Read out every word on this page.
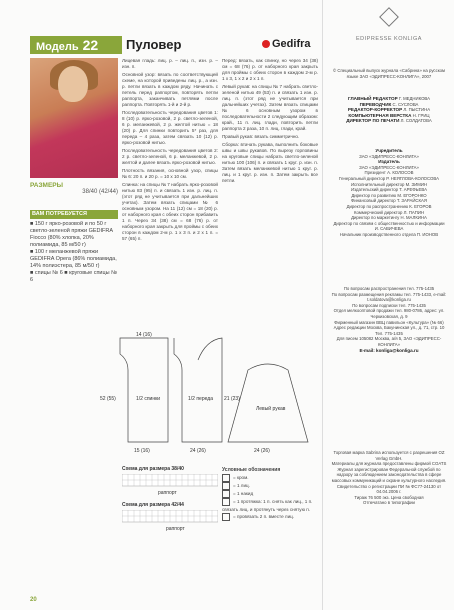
Модель 22	Пуловер	Gedifra
РАЗМЕРЫ
38/40 (42/44)
ВАМ ПОТРЕБУЕТСЯ
■ 150 г ярко-розовой и по 50 г светло-зеленой пряжи GEDIFRA Fiocco (80% хлопка, 20% полиамида, 85 м/50 г)
■ 100 г меланжевой пряжи GEDIFRA Opera (86% полиамида, 14% полиэстера, 85 м/50 г)
■ спицы № 6 ■ круговые спицы № 6

Лицевая гладь: лиц. р. – лиц. п., изн. р. – изн. п.

Основной узор: вязать по соответствующей схеме, на которой приведены лиц. р., а изн. р. петли вязать в каждом ряду. Начинать с петель перед раппортом, повторять петли раппорта, заканчивать петлями после раппорта. Повторять 1-й и 2-й р.

Последовательность чередования цветов 1: 8 (10) р. ярко-розовой, 2 р. светло-зеленой, 6 р. меланжевой, 2 р. желтой нитью = 18 (20) р. Для спинки повторить 5* раз, для переда – 4 раза, затем связать 10 (12) р. ярко-розовой нитью.

Последовательность чередования цветов 2: 2 р. светло-зеленой, 6 р. меланжевой, 2 р. желтой и далее вязать ярко-розовой нитью.

Плотность вязания, основной узор, спицы № 6: 20 п. и 20 р. = 10 х 10 см.

Спинка: на спицы № 7 набрать ярко-розовой нитью 83 (95) п. и связать 1 изн. р. лиц. п. (этот ряд не учитывается при дальнейших учетах). Затем вязать спицами № 6 основным узором. На 11 (12) см = 18 (20) р. от наборного края с обеих сторон прибавить 1 п. Через 34 (38) см = 68 (76) р. от наборного края закрыть для проймы с обеих сторон в каждом 2-м р. 1 х 3 п. и 2 х 1 п. = 57 (65) п.

Перед: вязать, как спинку, но через 34 (38) см = 68 (76) р. от наборного края закрыть для проймы с обеих сторон в каждом 2-м р. 1 х 3, 1 х 2 и 2 х 1 п.

Левый рукав: на спицы № 7 набрать светло-зеленой нитью 49 (53) п. и связать 1 изн. р. лиц. п. (этот ряд не учитывается при дальнейших учетах). Затем вязать спицами № 6 основным узором в последовательности 2 следующим образом: край., 11 п. лиц. глади, повторить петли раппорта 2 раза, 10 п. лиц. глади, край.

Правый рукав: вязать симметрично.

Сборка: втачать рукава, выполнить боковые швы и швы рукавов. По вырезу горловины на круговые спицы набрать светло-зеленой нитью 100 (106) п. и связать 1 круг. р. изн. п. Затем вязать меланжевой нитью 1 круг. р. лиц. и 1 круг. р. изн. п. Затем закрыть все петли.

14 (16)
15 (16)	24 (26)	24 (26)
52 (55)	21 (23)
1/2 спинки	1/2 переда
Левый рукав
Схема для размера 38/40
раппорт
Схема для размера 42/44
раппорт
Условные обозначения
= кром.
= 1 лиц.
= 1 накид
= 1 протяжка: 1 п. снять как лиц., 1 п. связать лиц. и протянуть через снятую п.
= провязать 2 п. вместе лиц.
20
EDIPRESSE KONLIGA
© Специальный выпуск журнала «Сабрина» на русском языке ЗАО «ЭДИПРЕСС-КОНЛИГА», 2007
ГЛАВНЫЙ РЕДАКТОР Г. МЕДНИКОВА
ПЕРЕВОДЧИК С. СУСЛОВА
РЕДАКТОР-КОРРЕКТОР Л. ПЫСТИНА
КОМПЬЮТЕРНАЯ ВЕРСТКА Н. ГРИЦ
ДИРЕКТОР ПО ПЕЧАТИ Л. СОЛДАТОВА
Учредитель
ЗАО «ЭДИПРЕСС-КОНЛИГА»
Издатель
ЗАО «ЭДИПРЕСС-КОНЛИГА»
Президент А. КОЛОСОВ
Генеральный директор Р. НЕЯГЛОВА-КОЛОСОВА
Исполнительный директор М. ЗИМИН
Издательский директор Т. АРЕФЬЕВА
Директор по развитию М. ЕГОРОНКО
Финансовый директор Т. ЗАРАЙСКАЯ
Директор по распространению К. ЕГОРОВ
Коммерческий директор Л. ПАПИН
Директор по маркетингу Н. МАЛКИНА
Директор по связям с общественностью и информации И. САВИЧЕВА
Начальник производственного отдела П. ИОНОВ
По вопросам распространения тел. 775-1435
По вопросам размещения рекламы тел. 775-1433, e-mail: t.soldatova@konliga.ru
По вопросам подписки тел. 775-1435
Отдел мелкооптовой продажи тел. 980-0786, адрес: ул. Черкизовская, д. 9
Фирменный магазин ВВЦ павильон «Культура» (№ 66)
Адрес редакции Москва, Бакунинская ул., д. 71, стр. 10
Тел. 775-1435
Для писем 105082 Москва, а/я 5, ЗАО «ЭДИПРЕСС-КОНЛИГА»
E-mail: konliga@konliga.ru
Торговая марка Sabrina используется с разрешения OZ Verlag GmbH.
Материалы для журнала предоставлены фирмой COATS
Журнал зарегистрирован Федеральной службой по надзору за соблюдением законодательства в сфере массовых коммуникаций и охране культурного наследия. Свидетельство о регистрации ПИ № ФС77-24130 от 04.04.2006 г.
Тираж 76 500 экз. Цена свободная
Отпечатано в типографии
